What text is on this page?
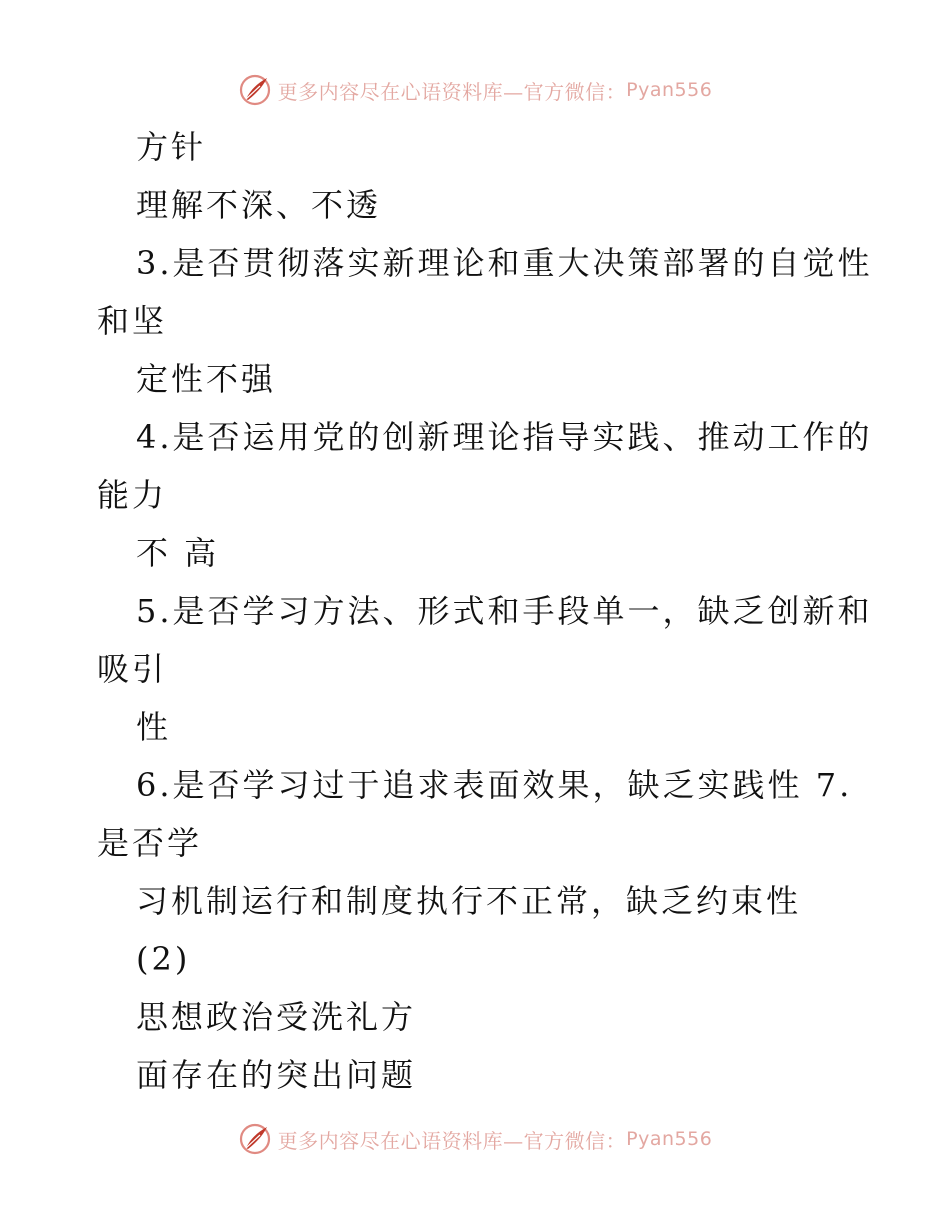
更多内容尽在心语资料库—官方微信： Pyan556
方针
理解不深、不透
3.是否贯彻落实新理论和重大决策部署的自觉性
和坚
定性不强
4.是否运用党的创新理论指导实践、推动工作的
能力
不 高
5.是否学习方法、形式和手段单一，缺乏创新和
吸引
性
6.是否学习过于追求表面效果，缺乏实践性 7.
是否学
习机制运行和制度执行不正常，缺乏约束性
(2)
思想政治受洗礼方
面存在的突出问题
更多内容尽在心语资料库—官方微信： Pyan556
